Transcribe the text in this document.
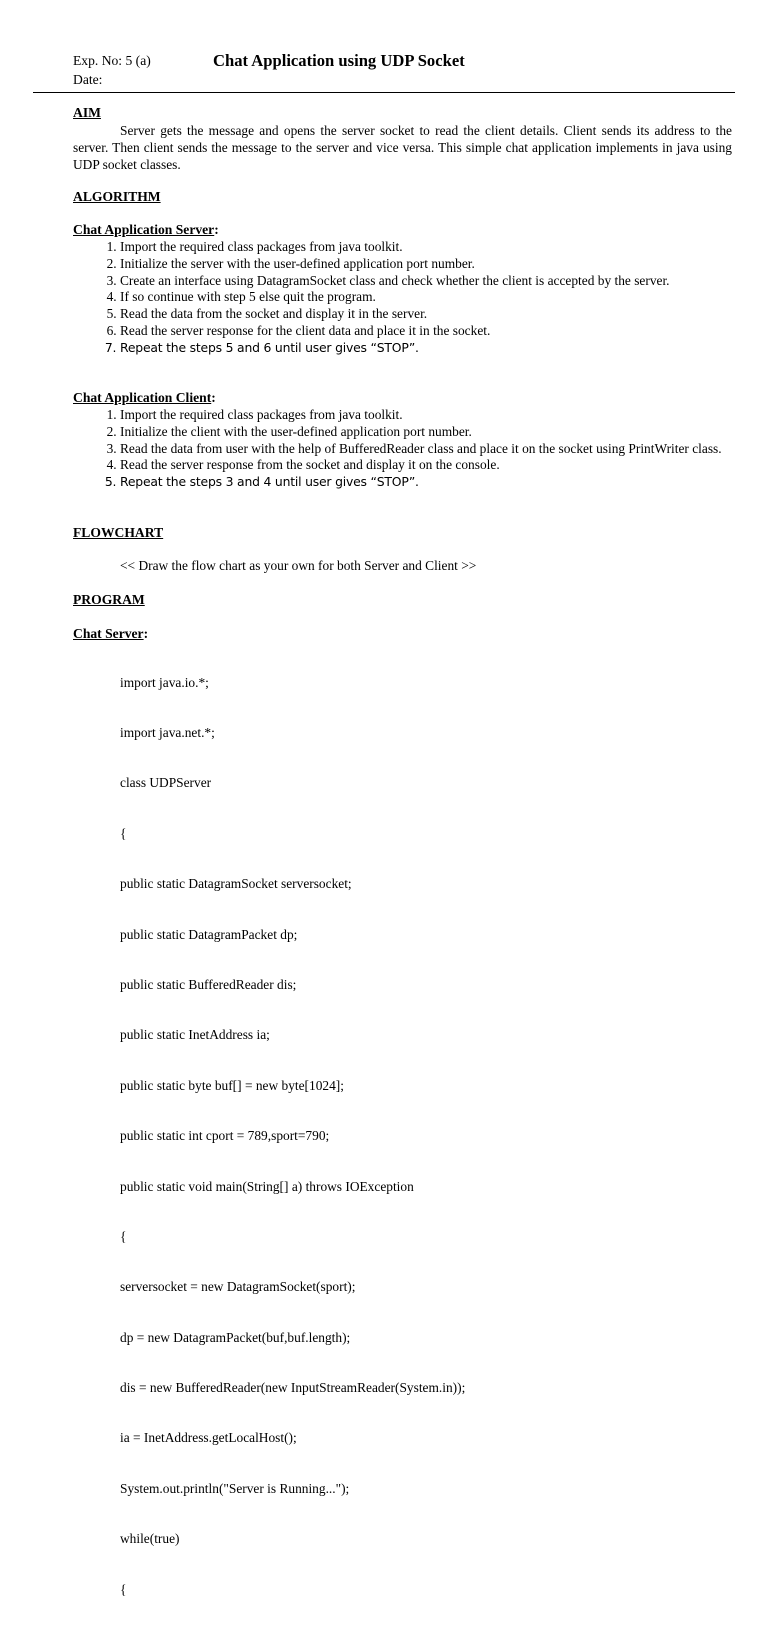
Exp. No: 5 (a)
Date:
Chat Application using UDP Socket
AIM
Server gets the message and opens the server socket to read the client details. Client sends its address to the server. Then client sends the message to the server and vice versa. This simple chat application implements in java using UDP socket classes.
ALGORITHM
Chat Application Server:
1. Import the required class packages from java toolkit.
2. Initialize the server with the user-defined application port number.
3. Create an interface using DatagramSocket class and check whether the client is accepted by the server.
4. If so continue with step 5 else quit the program.
5. Read the data from the socket and display it in the server.
6. Read the server response for the client data and place it in the socket.
7. Repeat the steps 5 and 6 until user gives “STOP”.
Chat Application Client:
1. Import the required class packages from java toolkit.
2. Initialize the client with the user-defined application port number.
3. Read the data from user with the help of BufferedReader class and place it on the socket using PrintWriter class.
4. Read the server response from the socket and display it on the console.
5. Repeat the steps 3 and 4 until user gives “STOP”.
FLOWCHART
<< Draw the flow chart as your own for both Server and Client >>
PROGRAM
Chat Server:

import java.io.*;

import java.net.*;

class UDPServer

{

public static DatagramSocket serversocket;

public static DatagramPacket dp;

public static BufferedReader dis;

public static InetAddress ia;

public static byte buf[] = new byte[1024];

public static int cport = 789,sport=790;

public static void main(String[] a) throws IOException

{

serversocket = new DatagramSocket(sport);

dp = new DatagramPacket(buf,buf.length);

dis = new BufferedReader(new InputStreamReader(System.in));

ia = InetAddress.getLocalHost();

System.out.println("Server is Running...");

while(true)

{
